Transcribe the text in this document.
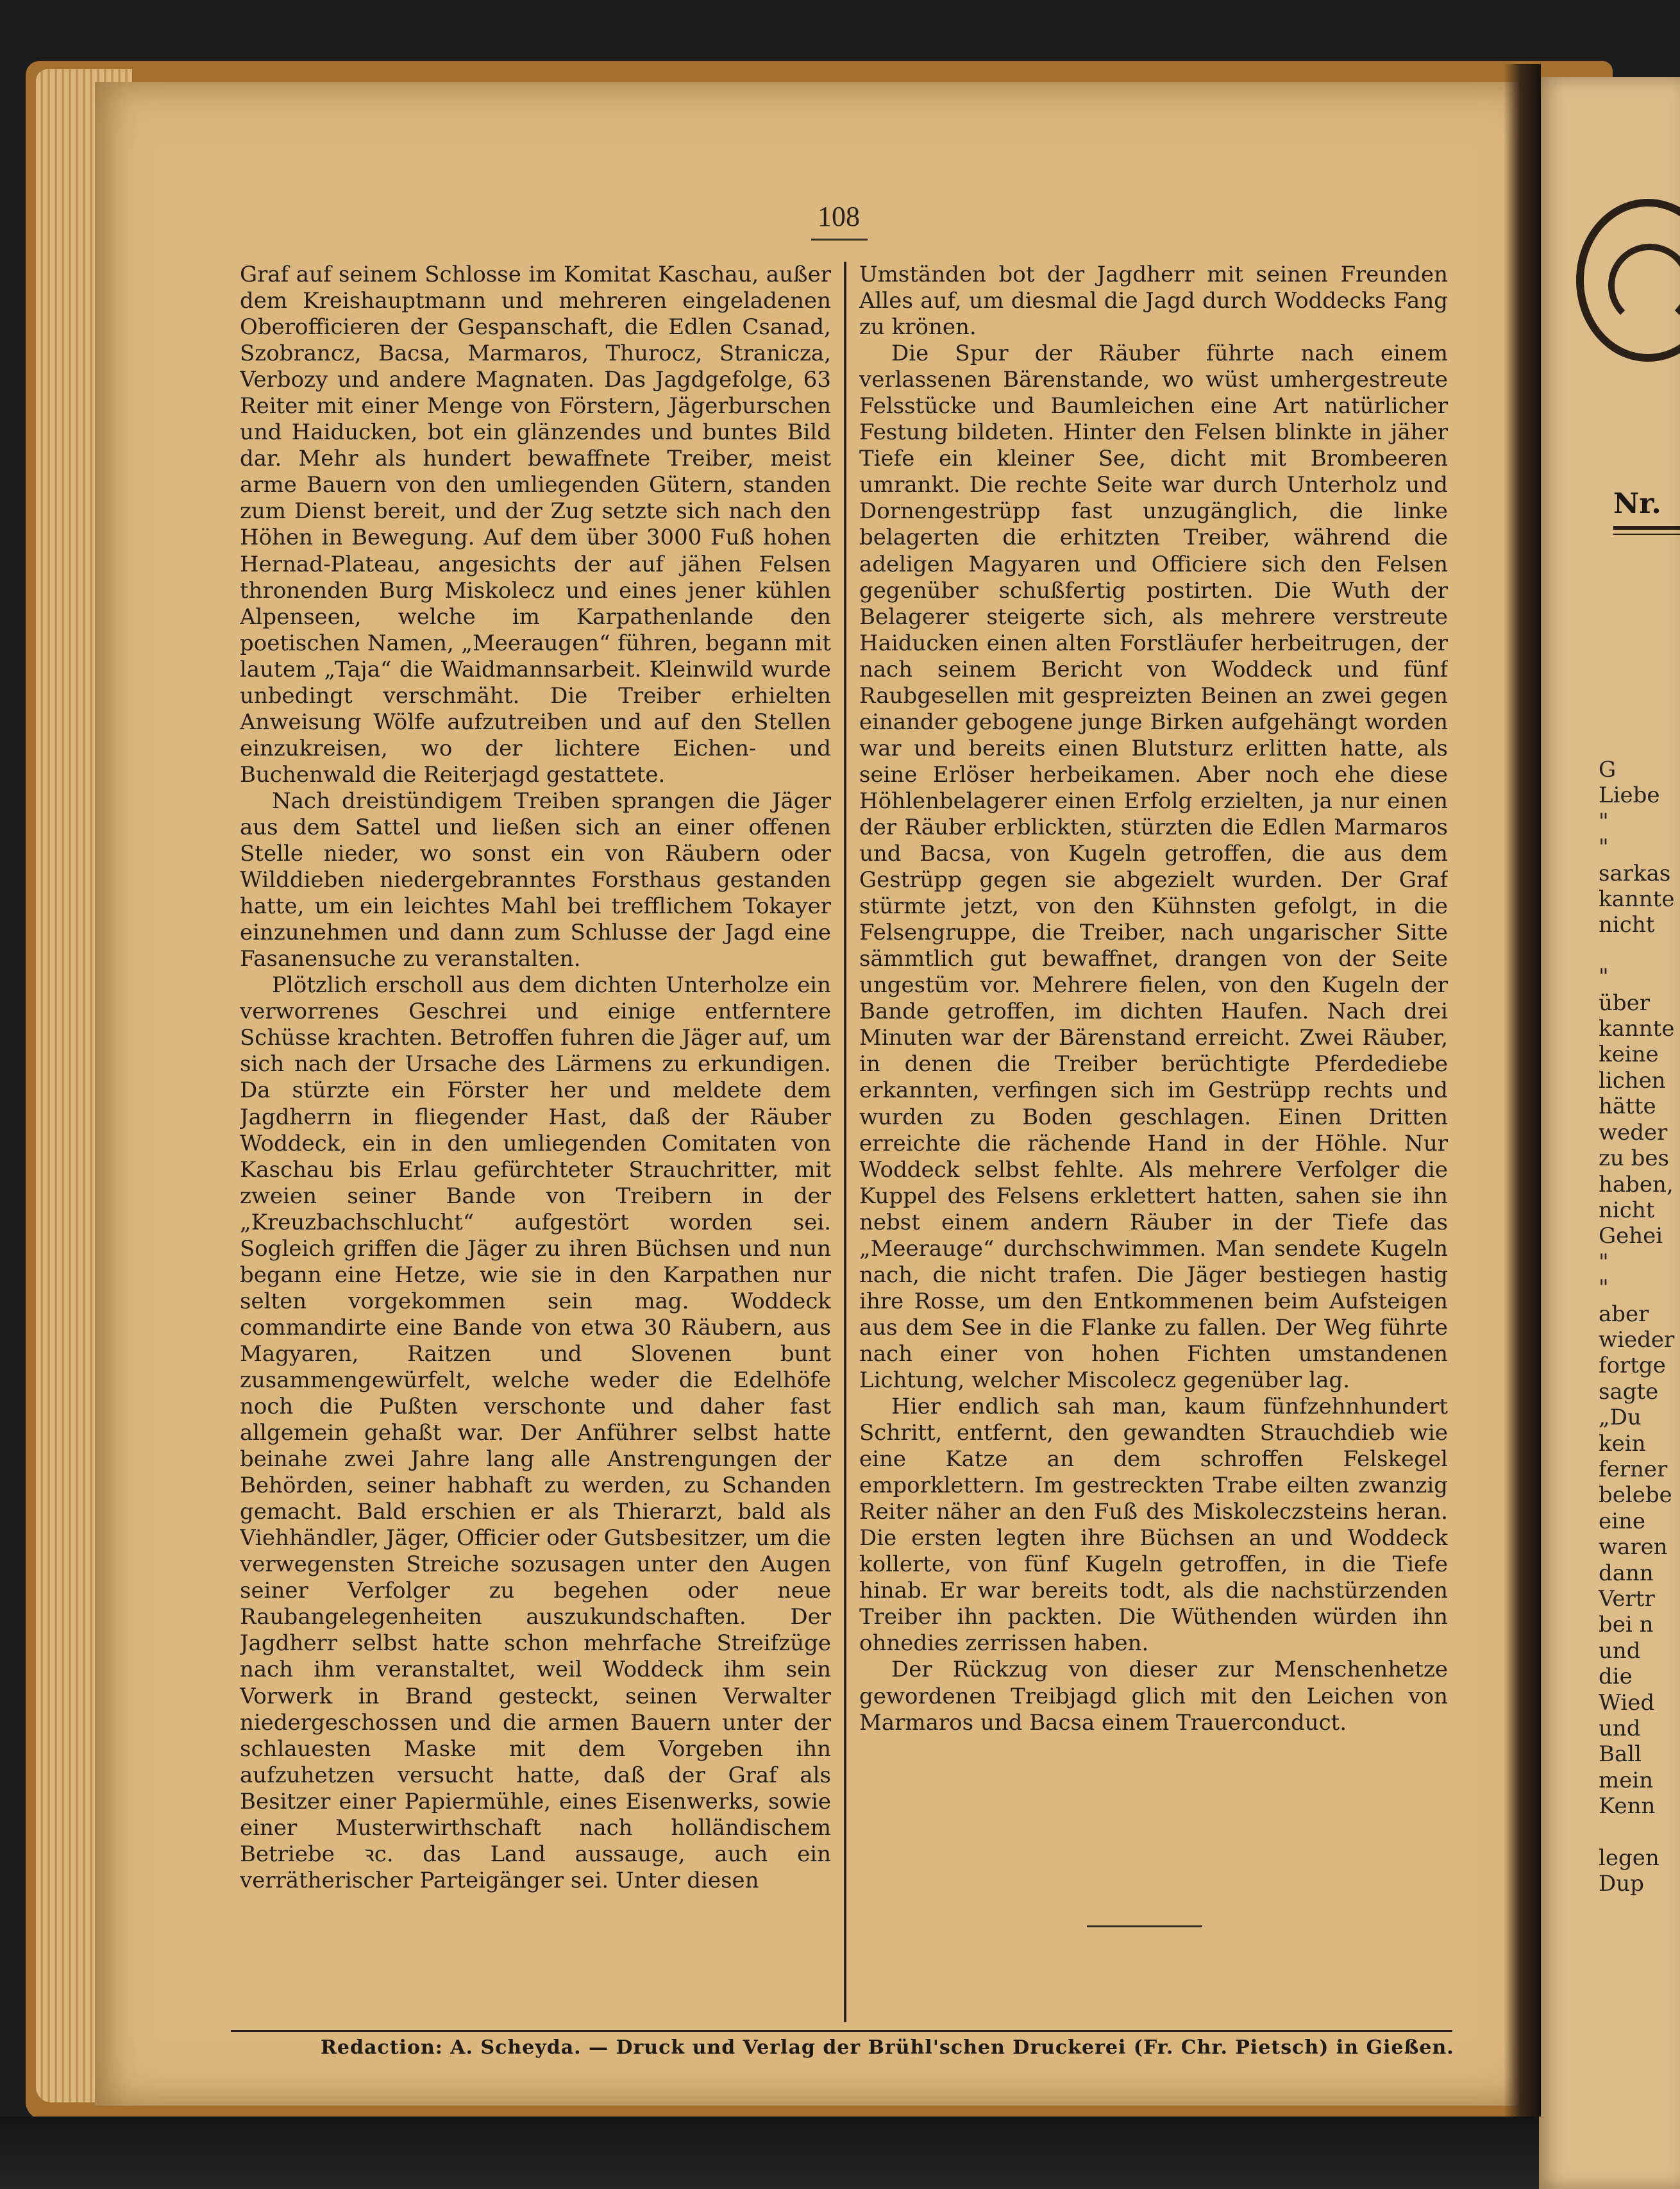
Nr.
G
Liebe
"
"
sarkas
kannte
nicht

"
über
kannte
keine
lichen
hätte
weder
zu bes
haben,
nicht
Gehei
"
"
aber
wieder
fortge
sagte
„Du
kein
ferner
belebe
eine
waren
dann
Vertr
bei n
und
die
Wied
und
Ball
mein
Kenn

legen
Dup
108

Graf auf seinem Schlosse im Komitat Kaschau, außer dem Kreishauptmann und mehreren eingeladenen Oberofficieren der Gespanschaft, die Edlen Csanad, Szobrancz, Bacsa, Marmaros, Thurocz, Stranicza, Verbozy und andere Magnaten. Das Jagdgefolge, 63 Reiter mit einer Menge von Förstern, Jägerburschen und Haiducken, bot ein glänzendes und buntes Bild dar. Mehr als hundert bewaffnete Treiber, meist arme Bauern von den umliegenden Gütern, standen zum Dienst bereit, und der Zug setzte sich nach den Höhen in Bewegung. Auf dem über 3000 Fuß hohen Hernad-Plateau, angesichts der auf jähen Felsen thronenden Burg Miskolecz und eines jener kühlen Alpenseen, welche im Karpathenlande den poetischen Namen, „Meeraugen“ führen, begann mit lautem „Taja“ die Waidmannsarbeit. Kleinwild wurde unbedingt verschmäht. Die Treiber erhielten Anweisung Wölfe aufzutreiben und auf den Stellen einzukreisen, wo der lichtere Eichen- und Buchenwald die Reiterjagd gestattete.

Nach dreistündigem Treiben sprangen die Jäger aus dem Sattel und ließen sich an einer offenen Stelle nieder, wo sonst ein von Räubern oder Wilddieben niedergebranntes Forsthaus gestanden hatte, um ein leichtes Mahl bei trefflichem Tokayer einzunehmen und dann zum Schlusse der Jagd eine Fasanensuche zu veranstalten.

Plötzlich erscholl aus dem dichten Unterholze ein verworrenes Geschrei und einige entferntere Schüsse krachten. Betroffen fuhren die Jäger auf, um sich nach der Ursache des Lärmens zu erkundigen. Da stürzte ein Förster her und meldete dem Jagdherrn in fliegender Hast, daß der Räuber Woddeck, ein in den umliegenden Comitaten von Kaschau bis Erlau gefürchteter Strauchritter, mit zweien seiner Bande von Treibern in der „Kreuzbachschlucht“ aufgestört worden sei. Sogleich griffen die Jäger zu ihren Büchsen und nun begann eine Hetze, wie sie in den Karpathen nur selten vorgekommen sein mag. Woddeck commandirte eine Bande von etwa 30 Räubern, aus Magyaren, Raitzen und Slovenen bunt zusammengewürfelt, welche weder die Edelhöfe noch die Pußten verschonte und daher fast allgemein gehaßt war. Der Anführer selbst hatte beinahe zwei Jahre lang alle Anstrengungen der Behörden, seiner habhaft zu werden, zu Schanden gemacht. Bald erschien er als Thierarzt, bald als Viehhändler, Jäger, Officier oder Gutsbesitzer, um die verwegensten Streiche sozusagen unter den Augen seiner Verfolger zu begehen oder neue Raubangelegenheiten auszukundschaften. Der Jagdherr selbst hatte schon mehrfache Streifzüge nach ihm veranstaltet, weil Woddeck ihm sein Vorwerk in Brand gesteckt, seinen Verwalter niedergeschossen und die armen Bauern unter der schlauesten Maske mit dem Vorgeben ihn aufzuhetzen versucht hatte, daß der Graf als Besitzer einer Papiermühle, eines Eisenwerks, sowie einer Musterwirthschaft nach holländischem Betriebe ꝛc. das Land aussauge, auch ein verrätherischer Parteigänger sei. Unter diesen

Umständen bot der Jagdherr mit seinen Freunden Alles auf, um diesmal die Jagd durch Woddecks Fang zu krönen.

Die Spur der Räuber führte nach einem verlassenen Bärenstande, wo wüst umhergestreute Felsstücke und Baumleichen eine Art natürlicher Festung bildeten. Hinter den Felsen blinkte in jäher Tiefe ein kleiner See, dicht mit Brombeeren umrankt. Die rechte Seite war durch Unterholz und Dornengestrüpp fast unzugänglich, die linke belagerten die erhitzten Treiber, während die adeligen Magyaren und Officiere sich den Felsen gegenüber schußfertig postirten. Die Wuth der Belagerer steigerte sich, als mehrere verstreute Haiducken einen alten Forstläufer herbeitrugen, der nach seinem Bericht von Woddeck und fünf Raubgesellen mit gespreizten Beinen an zwei gegen einander gebogene junge Birken aufgehängt worden war und bereits einen Blutsturz erlitten hatte, als seine Erlöser herbeikamen. Aber noch ehe diese Höhlenbelagerer einen Erfolg erzielten, ja nur einen der Räuber erblickten, stürzten die Edlen Marmaros und Bacsa, von Kugeln getroffen, die aus dem Gestrüpp gegen sie abgezielt wurden. Der Graf stürmte jetzt, von den Kühnsten gefolgt, in die Felsengruppe, die Treiber, nach ungarischer Sitte sämmtlich gut bewaffnet, drangen von der Seite ungestüm vor. Mehrere fielen, von den Kugeln der Bande getroffen, im dichten Haufen. Nach drei Minuten war der Bärenstand erreicht. Zwei Räuber, in denen die Treiber berüchtigte Pferdediebe erkannten, verfingen sich im Gestrüpp rechts und wurden zu Boden geschlagen. Einen Dritten erreichte die rächende Hand in der Höhle. Nur Woddeck selbst fehlte. Als mehrere Verfolger die Kuppel des Felsens erklettert hatten, sahen sie ihn nebst einem andern Räuber in der Tiefe das „Meerauge“ durchschwimmen. Man sendete Kugeln nach, die nicht trafen. Die Jäger bestiegen hastig ihre Rosse, um den Entkommenen beim Aufsteigen aus dem See in die Flanke zu fallen. Der Weg führte nach einer von hohen Fichten umstandenen Lichtung, welcher Miscolecz gegenüber lag.

Hier endlich sah man, kaum fünfzehnhundert Schritt, entfernt, den gewandten Strauchdieb wie eine Katze an dem schroffen Felskegel emporklettern. Im gestreckten Trabe eilten zwanzig Reiter näher an den Fuß des Miskoleczsteins heran. Die ersten legten ihre Büchsen an und Woddeck kollerte, von fünf Kugeln getroffen, in die Tiefe hinab. Er war bereits todt, als die nachstürzenden Treiber ihn packten. Die Wüthenden würden ihn ohnedies zerrissen haben.

Der Rückzug von dieser zur Menschenhetze gewordenen Treibjagd glich mit den Leichen von Marmaros und Bacsa einem Trauerconduct.

Redaction: A. Scheyda. — Druck und Verlag der Brühl'schen Druckerei (Fr. Chr. Pietsch) in Gießen.
